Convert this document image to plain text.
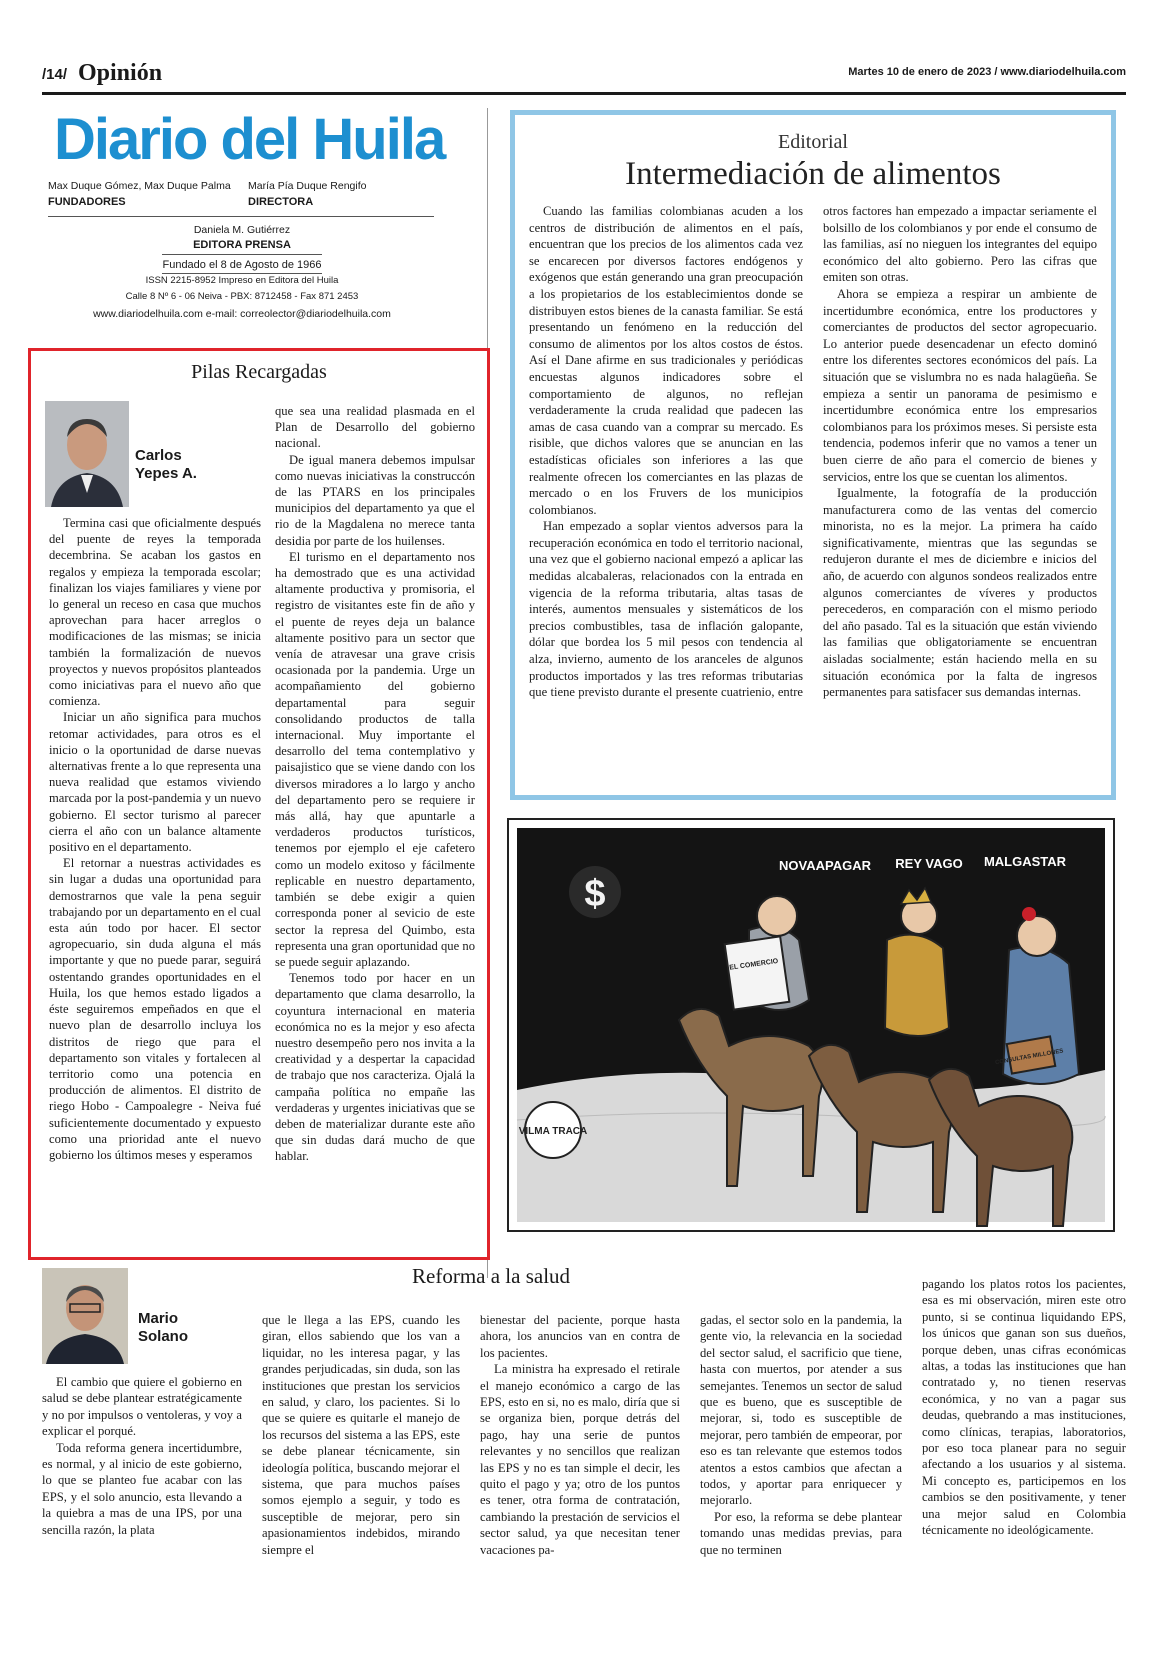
/14/ Opinión	Martes 10 de enero de 2023 / www.diariodelhuila.com
Diario del Huila
Max Duque Gómez, Max Duque Palma
FUNDADORES
María Pía Duque Rengifo
DIRECTORA
Daniela M. Gutiérrez
EDITORA PRENSA
Fundado el 8 de Agosto de 1966
ISSN 2215-8952 Impreso en Editora del Huila
Calle 8 Nº 6 - 06 Neiva - PBX: 8712458 - Fax 871 2453
www.diariodelhuila.com e-mail: correolector@diariodelhuila.com
Editorial
Intermediación de alimentos

Cuando las familias colombianas acuden a los centros de distribución de alimentos en el país, encuentran que los precios de los alimentos cada vez se encarecen por diversos factores endógenos y exógenos que están generando una gran preocupación a los propietarios de los establecimientos donde se distribuyen estos bienes de la canasta familiar. Se está presentando un fenómeno en la reducción del consumo de alimentos por los altos costos de éstos. Así el Dane afirme en sus tradicionales y periódicas encuestas algunos indicadores sobre el comportamiento de algunos, no reflejan verdaderamente la cruda realidad que padecen las amas de casa cuando van a comprar su mercado. Es risible, que dichos valores que se anuncian en las estadísticas oficiales son inferiores a las que realmente ofrecen los comerciantes en las plazas de mercado o en los Fruvers de los municipios colombianos.

Han empezado a soplar vientos adversos para la recuperación económica en todo el territorio nacional, una vez que el gobierno nacional empezó a aplicar las medidas alcabaleras, relacionados con la entrada en vigencia de la reforma tributaria, altas tasas de interés, aumentos mensuales y sistemáticos de los precios combustibles, tasa de inflación galopante, dólar que bordea los 5 mil pesos con tendencia al alza, invierno, aumento de los aranceles de algunos productos importados y las tres reformas tributarias que tiene previsto durante el presente cuatrienio, entre otros factores han empezado a impactar seriamente el bolsillo de los colombianos y por ende el consumo de las familias, así no nieguen los integrantes del equipo económico del alto gobierno. Pero las cifras que emiten son otras.

Ahora se empieza a respirar un ambiente de incertidumbre económica, entre los productores y comerciantes de productos del sector agropecuario. Lo anterior puede desencadenar un efecto dominó entre los diferentes sectores económicos del país. La situación que se vislumbra no es nada halagüeña. Se empieza a sentir un panorama de pesimismo e incertidumbre económica entre los empresarios colombianos para los próximos meses. Si persiste esta tendencia, podemos inferir que no vamos a tener un buen cierre de año para el comercio de bienes y servicios, entre los que se cuentan los alimentos.

Igualmente, la fotografía de la producción manufacturera como de las ventas del comercio minorista, no es la mejor. La primera ha caído significativamente, mientras que las segundas se redujeron durante el mes de diciembre e inicios del año, de acuerdo con algunos sondeos realizados entre algunos comerciantes de víveres y productos perecederos, en comparación con el mismo periodo del año pasado. Tal es la situación que están viviendo las familias que obligatoriamente se encuentran aisladas socialmente; están haciendo mella en su situación económica por la falta de ingresos permanentes para satisfacer sus demandas internas.

$
NOVAAPAGAR REY VAGO MALGASTAR
EL COMERCIO
CONSULTAS MILLONES
VILMA TRACA
Pilas Recargadas
Carlos
Yepes A.

Termina casi que oficialmente después del puente de reyes la temporada decembrina. Se acaban los gastos en regalos y empieza la temporada escolar; finalizan los viajes familiares y viene por lo general un receso en casa que muchos aprovechan para hacer arreglos o modificaciones de las mismas; se inicia también la formalización de nuevos proyectos y nuevos propósitos planteados como iniciativas para el nuevo año que comienza.

Iniciar un año significa para muchos retomar actividades, para otros es el inicio o la oportunidad de darse nuevas alternativas frente a lo que representa una nueva realidad que estamos viviendo marcada por la post-pandemia y un nuevo gobierno. El sector turismo al parecer cierra el año con un balance altamente positivo en el departamento.

El retornar a nuestras actividades es sin lugar a dudas una oportunidad para demostrarnos que vale la pena seguir trabajando por un departamento en el cual esta aún todo por hacer. El sector agropecuario, sin duda alguna el más importante y que no puede parar, seguirá ostentando grandes oportunidades en el Huila, los que hemos estado ligados a éste seguiremos empeñados en que el nuevo plan de desarrollo incluya los distritos de riego que para el departamento son vitales y fortalecen al territorio como una potencia en producción de alimentos. El distrito de riego Hobo - Campoalegre - Neiva fué suficientemente documentado y expuesto como una prioridad ante el nuevo gobierno los últimos meses y esperamos

que sea una realidad plasmada en el Plan de Desarrollo del gobierno nacional.

De igual manera debemos impulsar como nuevas iniciativas la construccón de las PTARS en los principales municipios del departamento ya que el rio de la Magdalena no merece tanta desidia por parte de los huilenses.

El turismo en el departamento nos ha demostrado que es una actividad altamente productiva y promisoria, el registro de visitantes este fin de año y el puente de reyes deja un balance altamente positivo para un sector que venía de atravesar una grave crisis ocasionada por la pandemia. Urge un acompañamiento del gobierno departamental para seguir consolidando productos de talla internacional. Muy importante el desarrollo del tema contemplativo y paisajistico que se viene dando con los diversos miradores a lo largo y ancho del departamento pero se requiere ir más allá, hay que apuntarle a verdaderos productos turísticos, tenemos por ejemplo el eje cafetero como un modelo exitoso y fácilmente replicable en nuestro departamento, también se debe exigir a quien corresponda poner al sevicio de este sector la represa del Quimbo, esta representa una gran oportunidad que no se puede seguir aplazando.

Tenemos todo por hacer en un departamento que clama desarrollo, la coyuntura internacional en materia económica no es la mejor y eso afecta nuestro desempeño pero nos invita a la creatividad y a despertar la capacidad de trabajo que nos caracteriza. Ojalá la campaña política no empañe las verdaderas y urgentes iniciativas que se deben de materializar durante este año que sin dudas dará mucho de que hablar.

Reforma a la salud
Mario
Solano

El cambio que quiere el gobierno en salud se debe plantear estratégicamente y no por impulsos o ventoleras, y voy a explicar el porqué.

Toda reforma genera incertidumbre, es normal, y al inicio de este gobierno, lo que se planteo fue acabar con las EPS, y el solo anuncio, esta llevando a la quiebra a mas de una IPS, por una sencilla razón, la plata

que le llega a las EPS, cuando les giran, ellos sabiendo que los van a liquidar, no les interesa pagar, y las grandes perjudicadas, sin duda, son las instituciones que prestan los servicios en salud, y claro, los pacientes. Si lo que se quiere es quitarle el manejo de los recursos del sistema a las EPS, este se debe planear técnicamente, sin ideología política, buscando mejorar el sistema, que para muchos países somos ejemplo a seguir, y todo es susceptible de mejorar, pero sin apasionamientos indebidos, mirando siempre el

bienestar del paciente, porque hasta ahora, los anuncios van en contra de los pacientes.

La ministra ha expresado el retirale el manejo económico a cargo de las EPS, esto en si, no es malo, diría que si se organiza bien, porque detrás del pago, hay una serie de puntos relevantes y no sencillos que realizan las EPS y no es tan simple el decir, les quito el pago y ya; otro de los puntos es tener, otra forma de contratación, cambiando la prestación de servicios el sector salud, ya que necesitan tener vacaciones pa-

gadas, el sector solo en la pandemia, la gente vio, la relevancia en la sociedad del sector salud, el sacrificio que tiene, hasta con muertos, por atender a sus semejantes. Tenemos un sector de salud que es bueno, que es susceptible de mejorar, si, todo es susceptible de mejorar, pero también de empeorar, por eso es tan relevante que estemos todos atentos a estos cambios que afectan a todos, y aportar para enriquecer y mejorarlo.

Por eso, la reforma se debe plantear tomando unas medidas previas, para que no terminen

pagando los platos rotos los pacientes, esa es mi observación, miren este otro punto, si se continua liquidando EPS, los únicos que ganan son sus dueños, porque deben, unas cifras económicas altas, a todas las instituciones que han contratado y, no tienen reservas económica, y no van a pagar sus deudas, quebrando a mas instituciones, como clínicas, terapias, laboratorios, por eso toca planear para no seguir afectando a los usuarios y al sistema. Mi concepto es, participemos en los cambios se den positivamente, y tener una mejor salud en Colombia técnicamente no ideológicamente.
